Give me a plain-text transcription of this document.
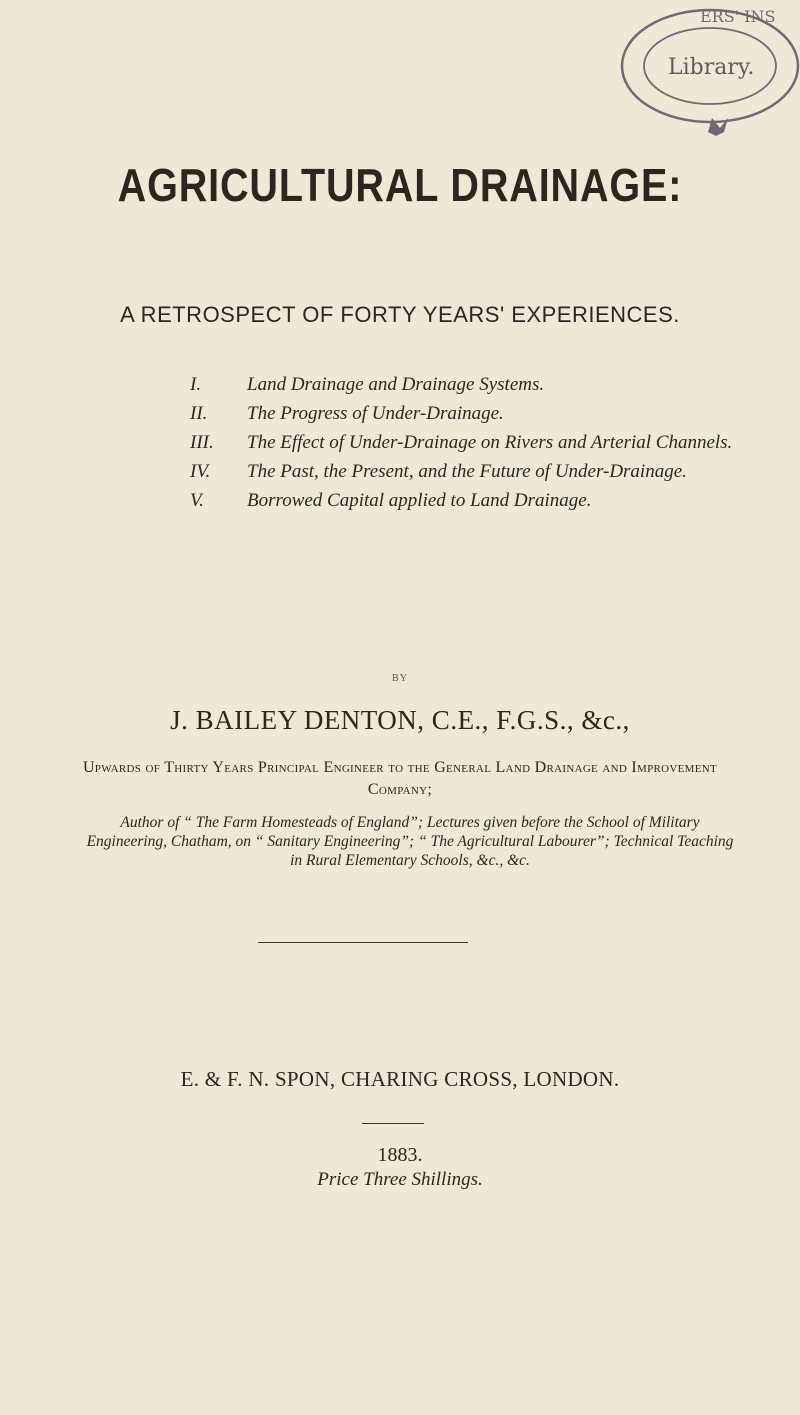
ERS' INS
Library.
AGRICULTURAL DRAINAGE:
A RETROSPECT OF FORTY YEARS' EXPERIENCES.
I. Land Drainage and Drainage Systems.
II. The Progress of Under-Drainage.
III. The Effect of Under-Drainage on Rivers and Arterial Channels.
IV. The Past, the Present, and the Future of Under-Drainage.
V. Borrowed Capital applied to Land Drainage.
BY
J. BAILEY DENTON, C.E., F.G.S., &c.,
Upwards of Thirty Years Principal Engineer to the General Land Drainage and Improvement Company;
Author of “ The Farm Homesteads of England”; Lectures given before the School of Military Engineering, Chatham, on “ Sanitary Engineering”; “ The Agricultural Labourer”; Technical Teaching in Rural Elementary Schools, &c., &c.
E. & F. N. SPON, CHARING CROSS, LONDON.
1883.
Price Three Shillings.
